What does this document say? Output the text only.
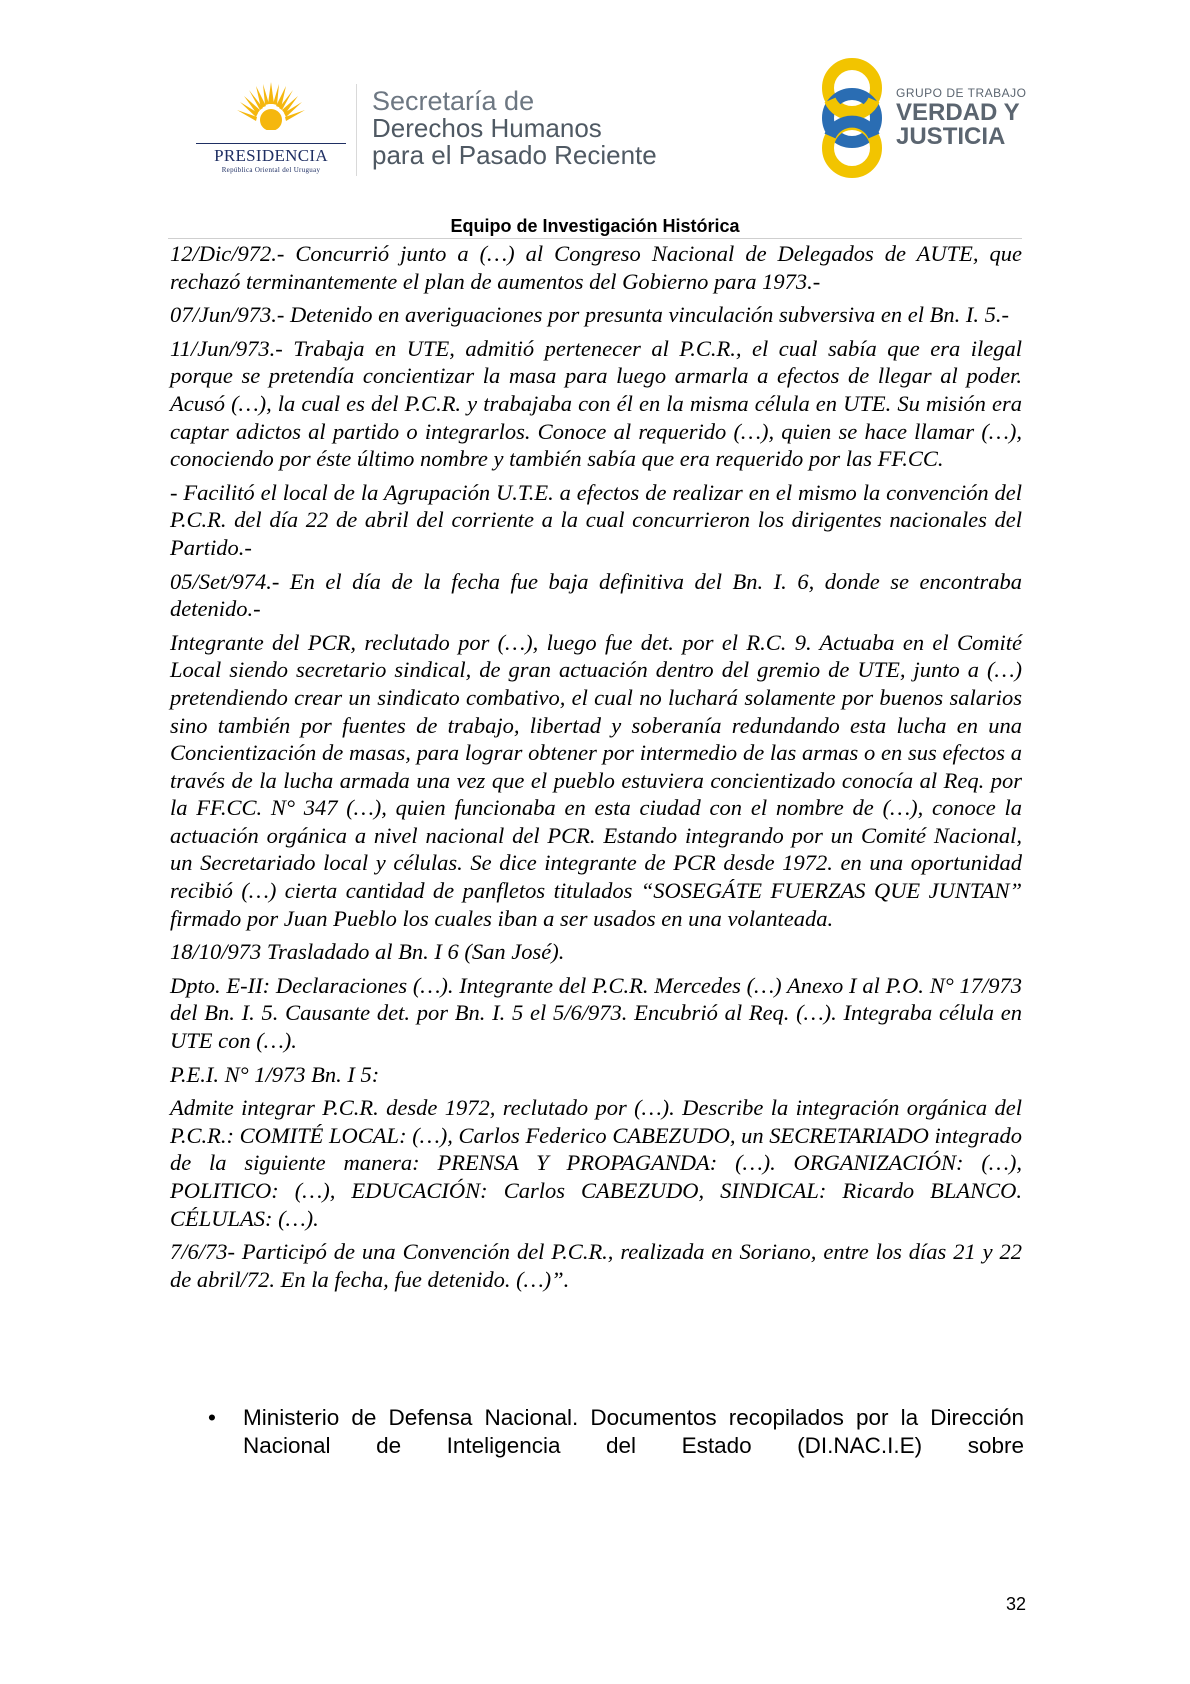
PRESIDENCIA
República Oriental del Uruguay
Secretaría de
Derechos Humanos
para el Pasado Reciente
GRUPO DE TRABAJO
VERDAD Y
JUSTICIA
Equipo de Investigación Histórica

12/Dic/972.- Concurrió junto a (…) al Congreso Nacional de Delegados de AUTE, que rechazó terminantemente el plan de aumentos del Gobierno para 1973.-

07/Jun/973.- Detenido en averiguaciones por presunta vinculación subversiva en el Bn. I. 5.-

11/Jun/973.- Trabaja en UTE, admitió pertenecer al P.C.R., el cual sabía que era ilegal porque se pretendía concientizar la masa para luego armarla a efectos de llegar al poder. Acusó (…), la cual es del P.C.R. y trabajaba con él en la misma célula en UTE. Su misión era captar adictos al partido o integrarlos. Conoce al requerido (…), quien se hace llamar (…), conociendo por éste último nombre y también sabía que era requerido por las FF.CC.

- Facilitó el local de la Agrupación U.T.E. a efectos de realizar en el mismo la convención del P.C.R. del día 22 de abril del corriente a la cual concurrieron los dirigentes nacionales del Partido.-

05/Set/974.- En el día de la fecha fue baja definitiva del Bn. I. 6, donde se encontraba detenido.-

Integrante del PCR, reclutado por (…), luego fue det. por el R.C. 9. Actuaba en el Comité Local siendo secretario sindical, de gran actuación dentro del gremio de UTE, junto a (…) pretendiendo crear un sindicato combativo, el cual no luchará solamente por buenos salarios sino también por fuentes de trabajo, libertad y soberanía redundando esta lucha en una Concientización de masas, para lograr obtener por intermedio de las armas o en sus efectos a través de la lucha armada una vez que el pueblo estuviera concientizado conocía al Req. por la FF.CC. N° 347 (…), quien funcionaba en esta ciudad con el nombre de (…), conoce la actuación orgánica a nivel nacional del PCR. Estando integrando por un Comité Nacional, un Secretariado local y células. Se dice integrante de PCR desde 1972. en una oportunidad recibió (…) cierta cantidad de panfletos titulados “SOSEGÁTE FUERZAS QUE JUNTAN” firmado por Juan Pueblo los cuales iban a ser usados en una volanteada.

18/10/973 Trasladado al Bn. I 6 (San José).

Dpto. E-II: Declaraciones (…). Integrante del P.C.R. Mercedes (…) Anexo I al P.O. N° 17/973 del Bn. I. 5. Causante det. por Bn. I. 5 el 5/6/973. Encubrió al Req. (…). Integraba célula en UTE con (…).

P.E.I. N° 1/973 Bn. I 5:

Admite integrar P.C.R. desde 1972, reclutado por (…). Describe la integración orgánica del P.C.R.: COMITÉ LOCAL: (…), Carlos Federico CABEZUDO, un SECRETARIADO integrado de la siguiente manera: PRENSA Y PROPAGANDA: (…). ORGANIZACIÓN: (…), POLITICO: (…), EDUCACIÓN: Carlos CABEZUDO, SINDICAL: Ricardo BLANCO. CÉLULAS: (…).

7/6/73- Participó de una Convención del P.C.R., realizada en Soriano, entre los días 21 y 22 de abril/72. En la fecha, fue detenido. (…)”.

• Ministerio de Defensa Nacional. Documentos recopilados por la Dirección Nacional de Inteligencia del Estado (DI.NAC.I.E) sobre
32
